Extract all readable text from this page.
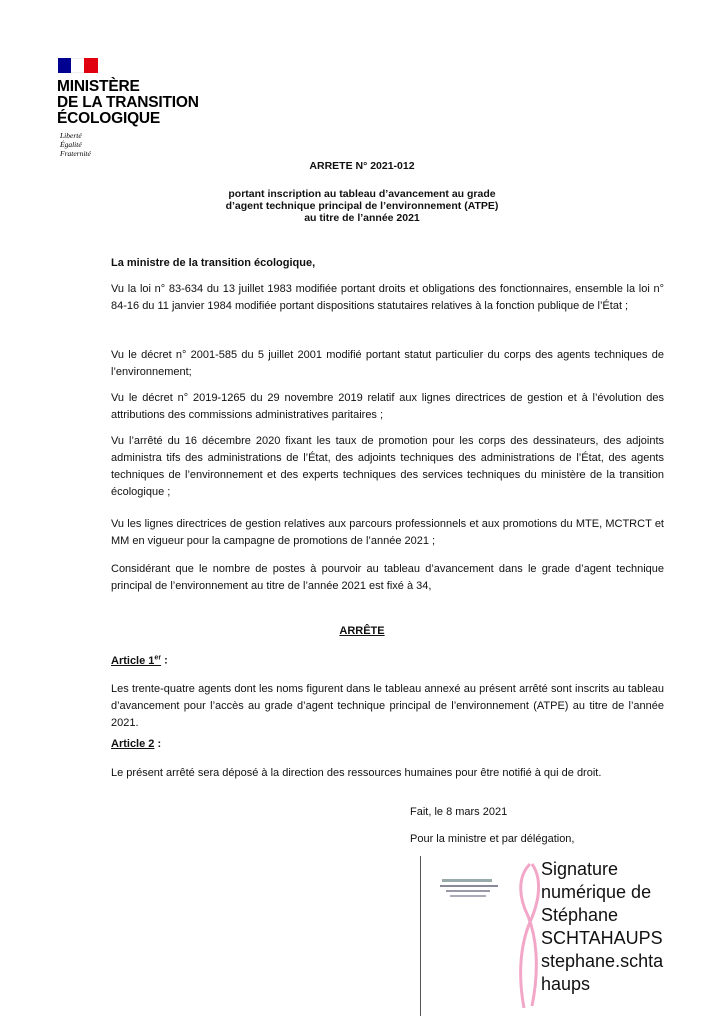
MINISTÈRE
DE LA TRANSITION
ÉCOLOGIQUE
Liberté
Égalité
Fraternité
ARRETE N° 2021-012
portant inscription au tableau d’avancement au grade
d’agent technique principal de l’environnement (ATPE)
au titre de l’année 2021
La ministre de la transition écologique,
Vu la loi n° 83-634 du 13 juillet 1983 modifiée portant droits et obligations des fonctionnaires, ensemble la loi n° 84-16 du 11 janvier 1984 modifiée portant dispositions statutaires relatives à la fonction publique de l’État ;
Vu le décret n° 2001-585 du 5 juillet 2001 modifié portant statut particulier du corps des agents techniques de l’environnement;
Vu le décret n° 2019-1265 du 29 novembre 2019 relatif aux lignes directrices de gestion et à l’évolution des attributions des commissions administratives paritaires ;
Vu l’arrêté du 16 décembre 2020 fixant les taux de promotion pour les corps des dessinateurs, des adjoints administra tifs des administrations de l’État, des adjoints techniques des administrations de l’État, des agents techniques de l’environnement et des experts techniques des services techniques du ministère de la transition écologique ;
Vu les lignes directrices de gestion relatives aux parcours professionnels et aux promotions du MTE, MCTRCT et MM en vigueur pour la campagne de promotions de l’année 2021 ;
Considérant que le nombre de postes à pourvoir au tableau d’avancement dans le grade d’agent technique principal de l’environnement au titre de l’année 2021 est fixé à 34,
ARRÊTE
Article 1er :
Les trente-quatre agents dont les noms figurent dans le tableau annexé au présent arrêté sont inscrits au tableau d’avancement pour l’accès au grade d’agent technique principal de l’environnement (ATPE) au titre de l’année 2021.
Article 2 :
Le présent arrêté sera déposé à la direction des ressources humaines pour être notifié à qui de droit.
Fait, le 8 mars 2021
Pour la ministre et par délégation,
Signature
numérique de
Stéphane
SCHTAHAUPS
stephane.schta
haups
